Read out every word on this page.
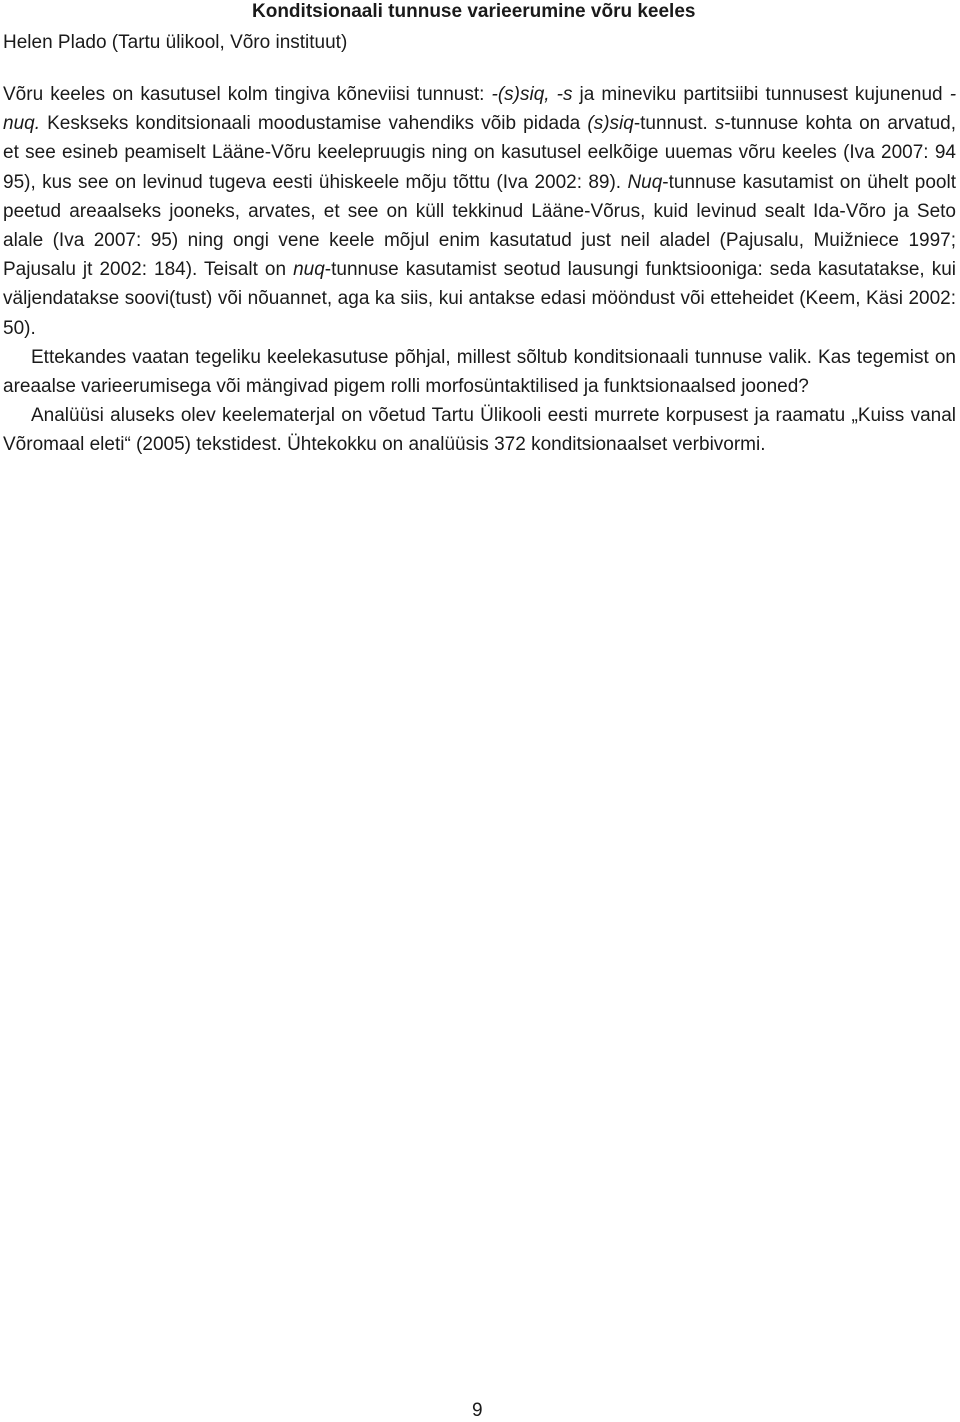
Konditsionaali tunnuse varieerumine võru keeles

Helen Plado (Tartu ülikool, Võro instituut)

Võru keeles on kasutusel kolm tingiva kõneviisi tunnust: -(s)siq, -s ja mineviku partitsiibi tunnusest kujunenud -nuq. Keskseks konditsionaali moodustamise vahendiks võib pidada (s)siq-tunnust. s-tunnuse kohta on arvatud, et see esineb peamiselt Lääne-Võru keelepruugis ning on kasutusel eelkõige uuemas võru keeles (Iva 2007: 94 95), kus see on levinud tugeva eesti ühiskeele mõju tõttu (Iva 2002: 89). Nuq-tunnuse kasutamist on ühelt poolt peetud areaalseks jooneks, arvates, et see on küll tekkinud Lääne-Võrus, kuid levinud sealt Ida-Võro ja Seto alale (Iva 2007: 95) ning ongi vene keele mõjul enim kasutatud just neil aladel (Pajusalu, Muižniece 1997; Pajusalu jt 2002: 184). Teisalt on nuq-tunnuse kasutamist seotud lausungi funktsiooniga: seda kasutatakse, kui väljendatakse soovi(tust) või nõuannet, aga ka siis, kui antakse edasi mööndust või etteheidet (Keem, Käsi 2002: 50).

Ettekandes vaatan tegeliku keelekasutuse põhjal, millest sõltub konditsionaali tunnuse valik. Kas tegemist on areaalse varieerumisega või mängivad pigem rolli morfosüntaktilised ja funktsionaalsed jooned?

Analüüsi aluseks olev keelematerjal on võetud Tartu Ülikooli eesti murrete korpusest ja raamatu „Kuiss vanal Võromaal eleti“ (2005) tekstidest. Ühtekokku on analüüsis 372 konditsionaalset verbivormi.

9
